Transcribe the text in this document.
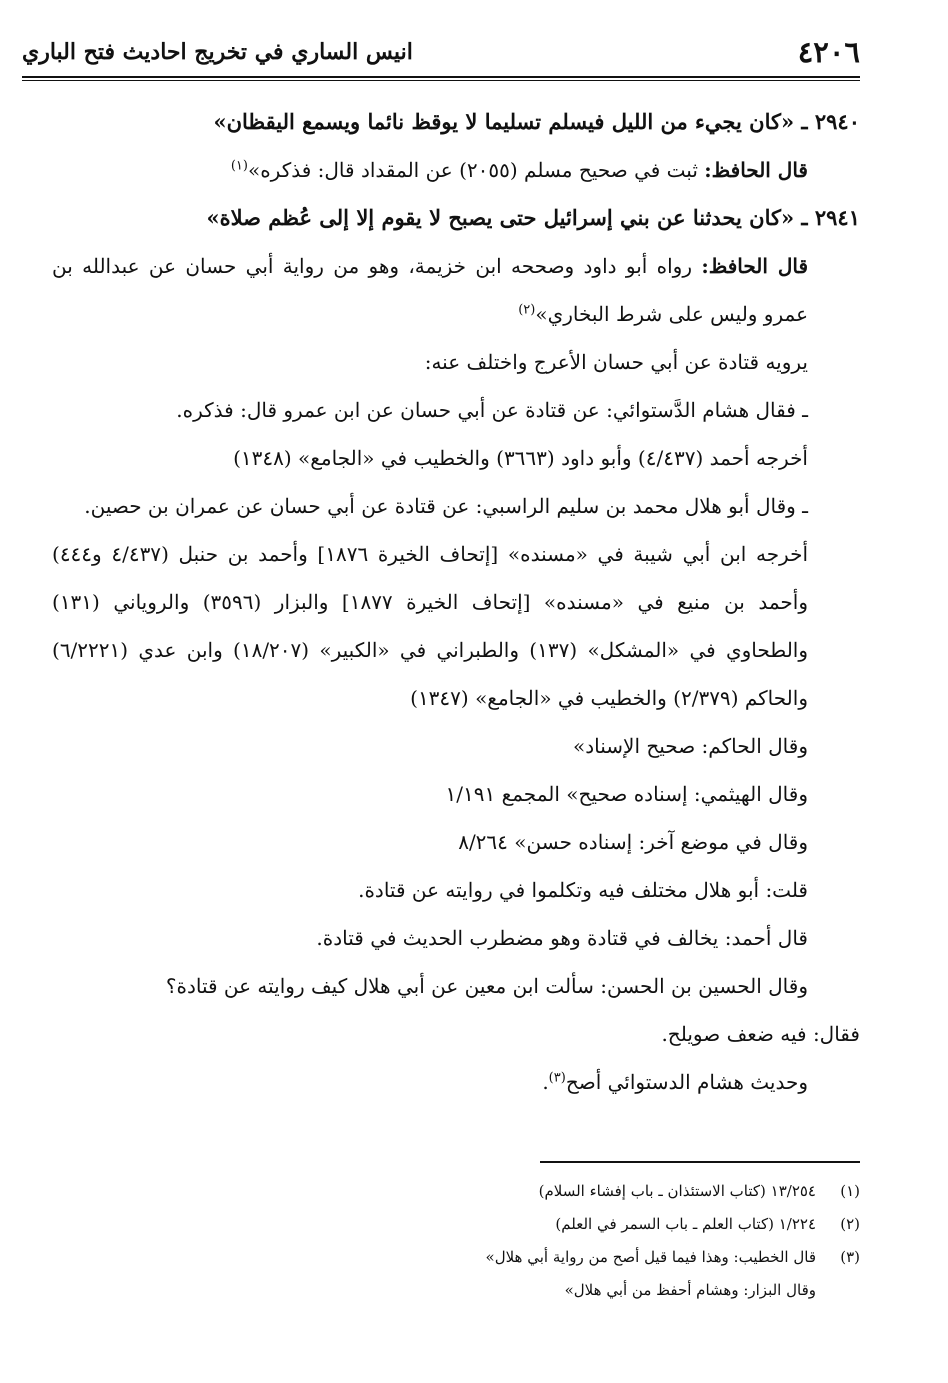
٤٢٠٦
انيس الساري في تخريج احاديث فتح الباري

٢٩٤٠ ـ «كان يجيء من الليل فيسلم تسليما لا يوقظ نائما ويسمع اليقظان»

قال الحافظ: ثبت في صحيح مسلم (٢٠٥٥) عن المقداد قال: فذكره»$^{(١)}$

٢٩٤١ ـ «كان يحدثنا عن بني إسرائيل حتى يصبح لا يقوم إلا إلى عُظم صلاة»

قال الحافظ: رواه أبو داود وصححه ابن خزيمة، وهو من رواية أبي حسان عن عبدالله بن عمرو وليس على شرط البخاري»$^{(٢)}$

يرويه قتادة عن أبي حسان الأعرج واختلف عنه:

ـ فقال هشام الدَّستوائي: عن قتادة عن أبي حسان عن ابن عمرو قال: فذكره.

أخرجه أحمد (٤/٤٣٧) وأبو داود (٣٦٦٣) والخطيب في «الجامع» (١٣٤٨)

ـ وقال أبو هلال محمد بن سليم الراسبي: عن قتادة عن أبي حسان عن عمران بن حصين.

أخرجه ابن أبي شيبة في «مسنده» [إتحاف الخيرة ١٨٧٦] وأحمد بن حنبل (٤/٤٣٧ و٤٤٤) وأحمد بن منيع في «مسنده» [إتحاف الخيرة ١٨٧٧] والبزار (٣٥٩٦) والروياني (١٣١) والطحاوي في «المشكل» (١٣٧) والطبراني في «الكبير» (١٨/٢٠٧) وابن عدي (٦/٢٢٢١) والحاكم (٢/٣٧٩) والخطيب في «الجامع» (١٣٤٧)

وقال الحاكم: صحيح الإسناد»

وقال الهيثمي: إسناده صحيح» المجمع ١/١٩١

وقال في موضع آخر: إسناده حسن» ٨/٢٦٤

قلت: أبو هلال مختلف فيه وتكلموا في روايته عن قتادة.

قال أحمد: يخالف في قتادة وهو مضطرب الحديث في قتادة.

وقال الحسين بن الحسن: سألت ابن معين عن أبي هلال كيف روايته عن قتادة؟

فقال: فيه ضعف صويلح.

وحديث هشام الدستوائي أصح$^{(٣)}$.

(١)
١٣/٢٥٤ (كتاب الاستئذان ـ باب إفشاء السلام)
(٢)
١/٢٢٤ (كتاب العلم ـ باب السمر في العلم)
(٣)
قال الخطيب: وهذا فيما قيل أصح من رواية أبي هلال»
وقال البزار: وهشام أحفظ من أبي هلال»
